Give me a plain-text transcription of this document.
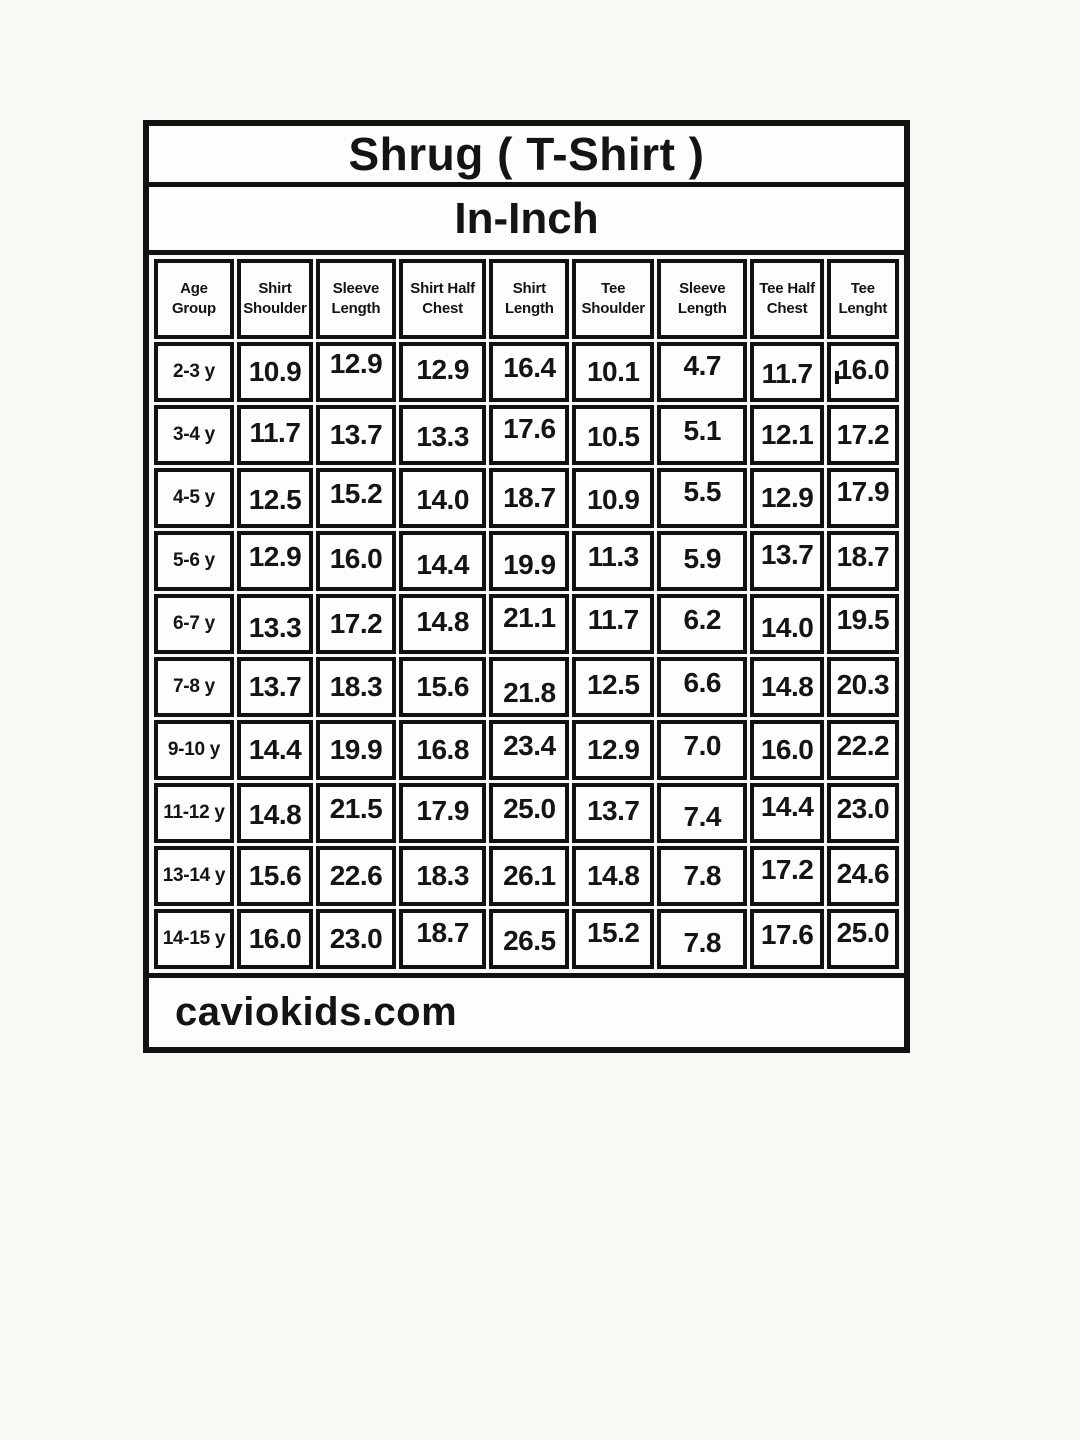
Shrug ( T-Shirt )
In-Inch
Age Group
Shirt Shoulder
Sleeve Length
Shirt Half Chest
Shirt Length
Tee Shoulder
Sleeve Length
Tee Half Chest
Tee Lenght
2-3 y 10.9 12.9 12.9 16.4 10.1 4.7 11.7 16.0
3-4 y 11.7 13.7 13.3 17.6 10.5 5.1 12.1 17.2
4-5 y 12.5 15.2 14.0 18.7 10.9 5.5 12.9 17.9
5-6 y 12.9 16.0 14.4 19.9 11.3 5.9 13.7 18.7
6-7 y 13.3 17.2 14.8 21.1 11.7 6.2 14.0 19.5
7-8 y 13.7 18.3 15.6 21.8 12.5 6.6 14.8 20.3
9-10 y 14.4 19.9 16.8 23.4 12.9 7.0 16.0 22.2
11-12 y 14.8 21.5 17.9 25.0 13.7 7.4 14.4 23.0
13-14 y 15.6 22.6 18.3 26.1 14.8 7.8 17.2 24.6
14-15 y 16.0 23.0 18.7 26.5 15.2 7.8 17.6 25.0
caviokids.com
